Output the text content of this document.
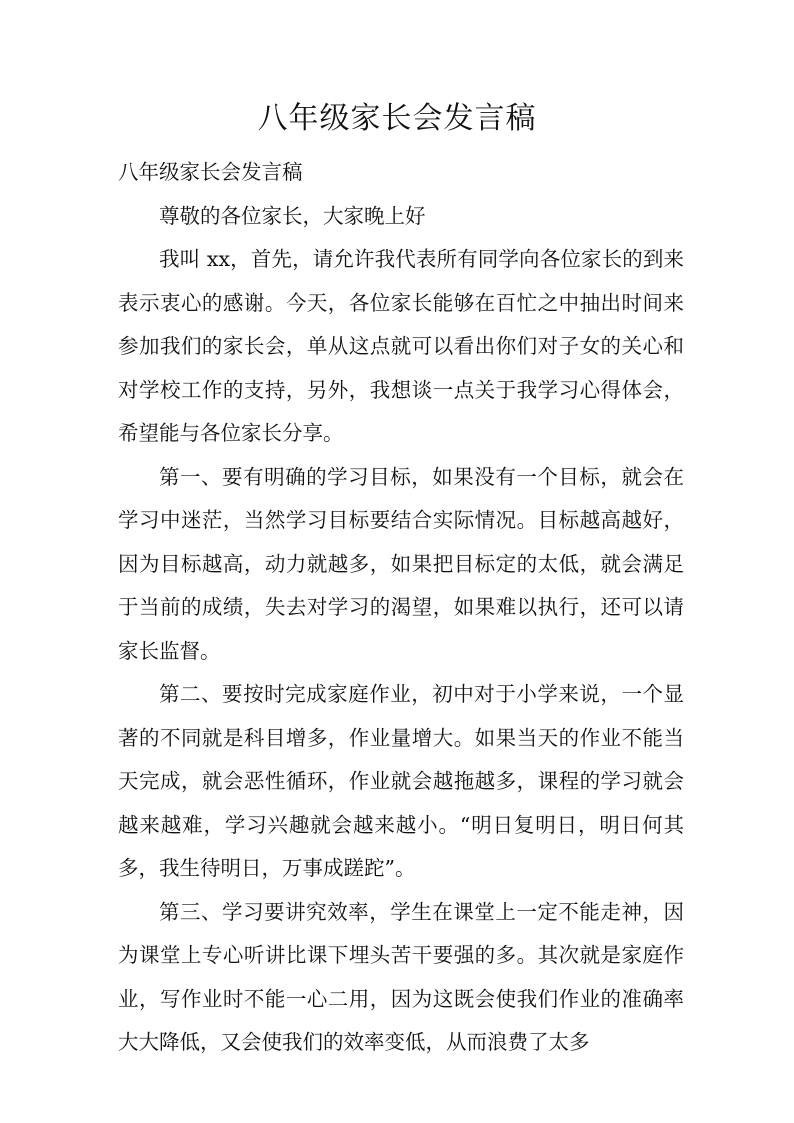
八年级家长会发言稿

八年级家长会发言稿

尊敬的各位家长，大家晚上好

我叫 xx，首先，请允许我代表所有同学向各位家长的到来表示衷心的感谢。今天，各位家长能够在百忙之中抽出时间来参加我们的家长会，单从这点就可以看出你们对子女的关心和对学校工作的支持，另外，我想谈一点关于我学习心得体会，希望能与各位家长分享。

第一、要有明确的学习目标，如果没有一个目标，就会在学习中迷茫，当然学习目标要结合实际情况。目标越高越好，因为目标越高，动力就越多，如果把目标定的太低，就会满足于当前的成绩，失去对学习的渴望，如果难以执行，还可以请家长监督。

第二、要按时完成家庭作业，初中对于小学来说，一个显著的不同就是科目增多，作业量增大。如果当天的作业不能当天完成，就会恶性循环，作业就会越拖越多，课程的学习就会越来越难，学习兴趣就会越来越小。“明日复明日，明日何其多，我生待明日，万事成蹉跎”。

第三、学习要讲究效率，学生在课堂上一定不能走神，因为课堂上专心听讲比课下埋头苦干要强的多。其次就是家庭作业，写作业时不能一心二用，因为这既会使我们作业的准确率大大降低，又会使我们的效率变低，从而浪费了太多
